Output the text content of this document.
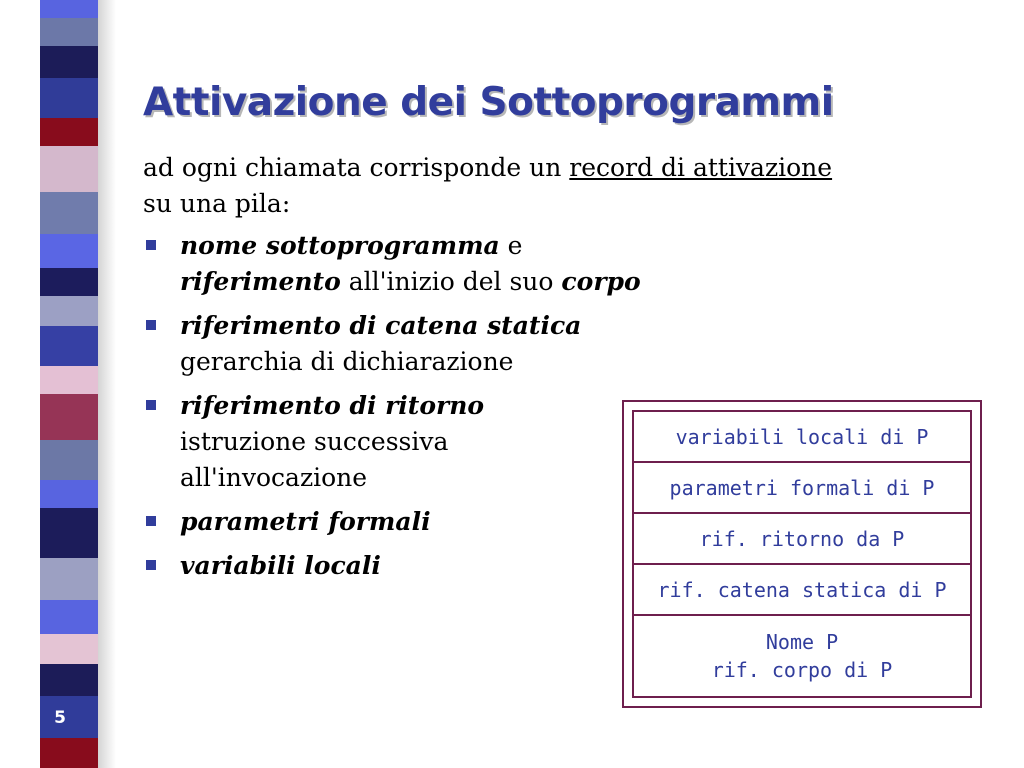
5
Attivazione dei Sottoprogrammi

ad ogni chiamata corrisponde un record di attivazione
su una pila:

nome sottoprogramma e
riferimento all'inizio del suo corpo
riferimento di catena statica
gerarchia di dichiarazione
riferimento di ritorno
istruzione successiva
all'invocazione
parametri formali
variabili locali
variabili locali di P
parametri formali di P
rif. ritorno da P
rif. catena statica di P
Nome P
rif. corpo di P
